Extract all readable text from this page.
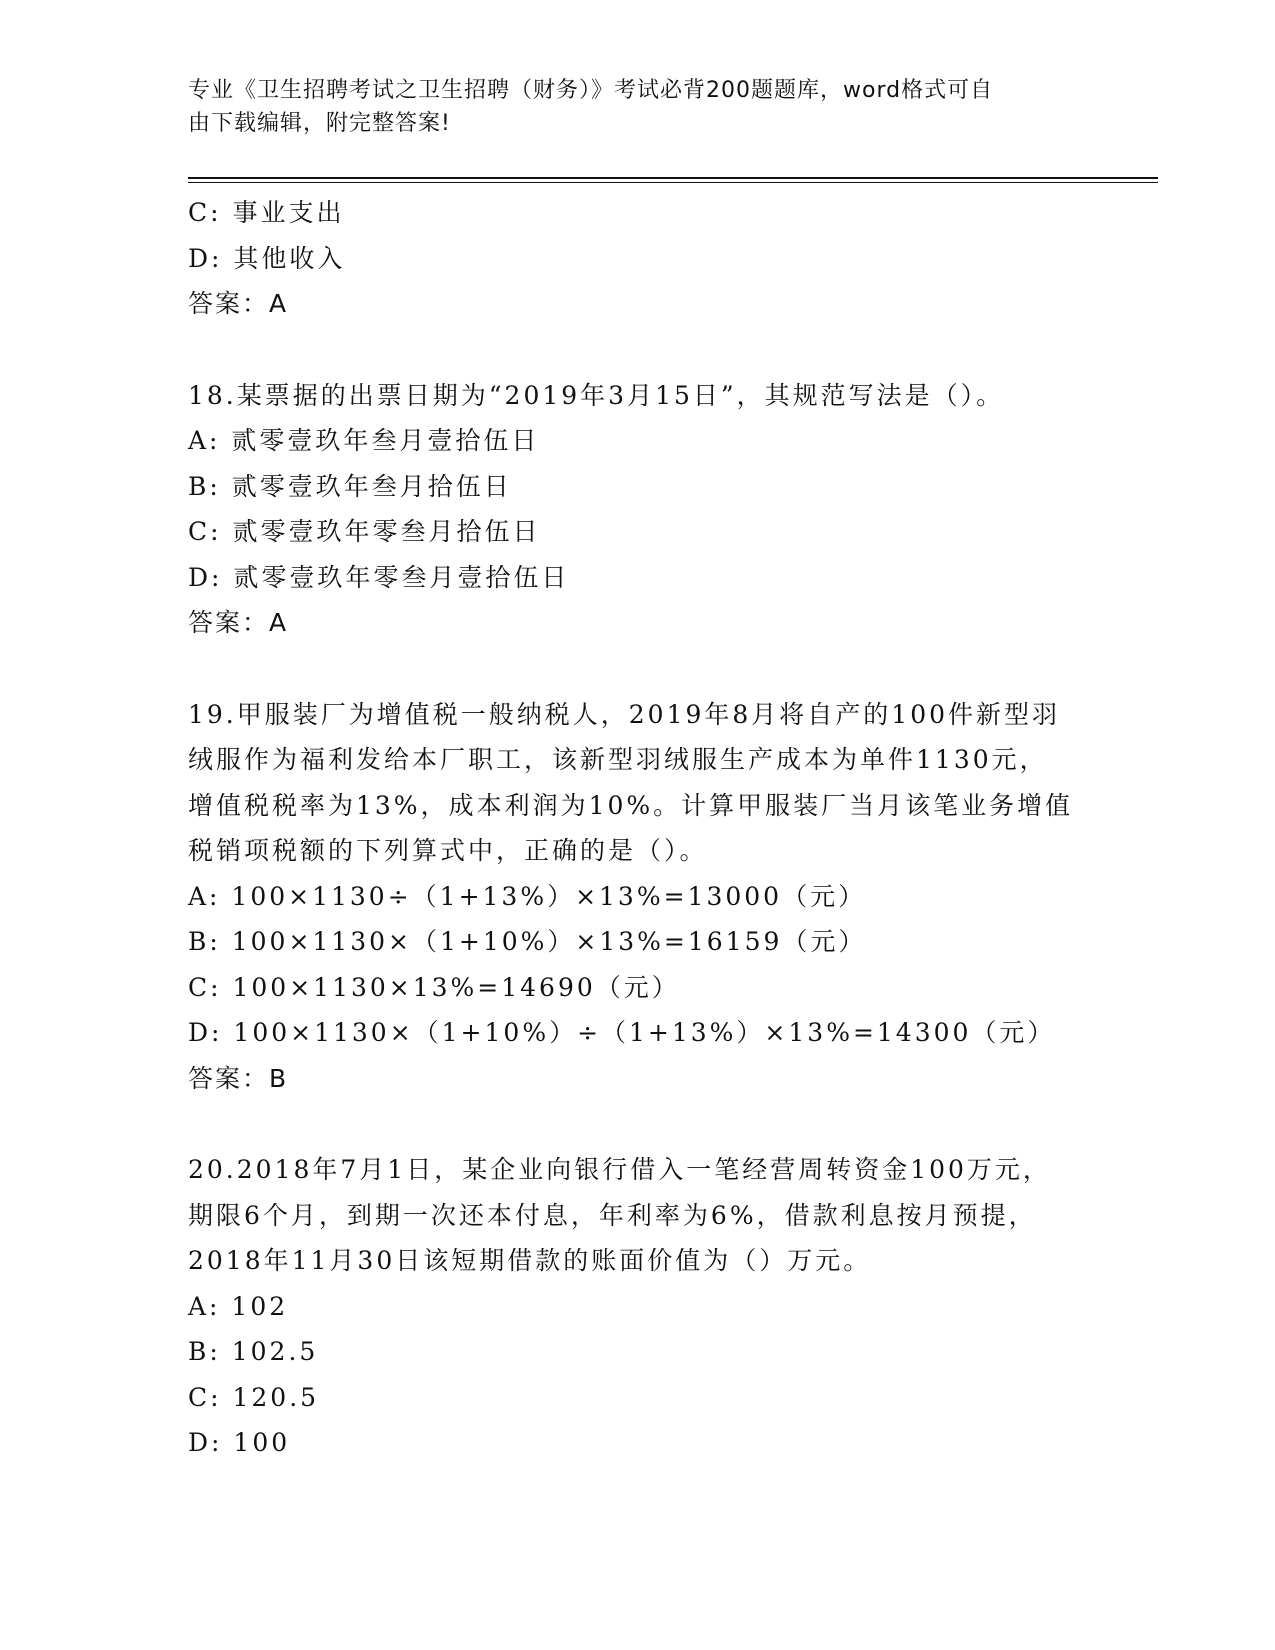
专业《卫生招聘考试之卫生招聘（财务）》考试必背200题题库，word格式可自
由下载编辑，附完整答案!
C: 事业支出
D: 其他收入
答案：A
18.某票据的出票日期为“2019年3月15日”，其规范写法是（）。
A: 贰零壹玖年叁月壹拾伍日
B: 贰零壹玖年叁月拾伍日
C: 贰零壹玖年零叁月拾伍日
D: 贰零壹玖年零叁月壹拾伍日
答案：A
19.甲服装厂为增值税一般纳税人，2019年8月将自产的100件新型羽
绒服作为福利发给本厂职工，该新型羽绒服生产成本为单件1130元，
增值税税率为13%，成本利润为10%。计算甲服装厂当月该笔业务增值
税销项税额的下列算式中，正确的是（）。
A: 100×1130÷（1+13%）×13%=13000（元）
B: 100×1130×（1+10%）×13%=16159（元）
C: 100×1130×13%=14690（元）
D: 100×1130×（1+10%）÷（1+13%）×13%=14300（元）
答案：B
20.2018年7月1日，某企业向银行借入一笔经营周转资金100万元，
期限6个月，到期一次还本付息，年利率为6%，借款利息按月预提，
2018年11月30日该短期借款的账面价值为（）万元。
A: 102
B: 102.5
C: 120.5
D: 100
